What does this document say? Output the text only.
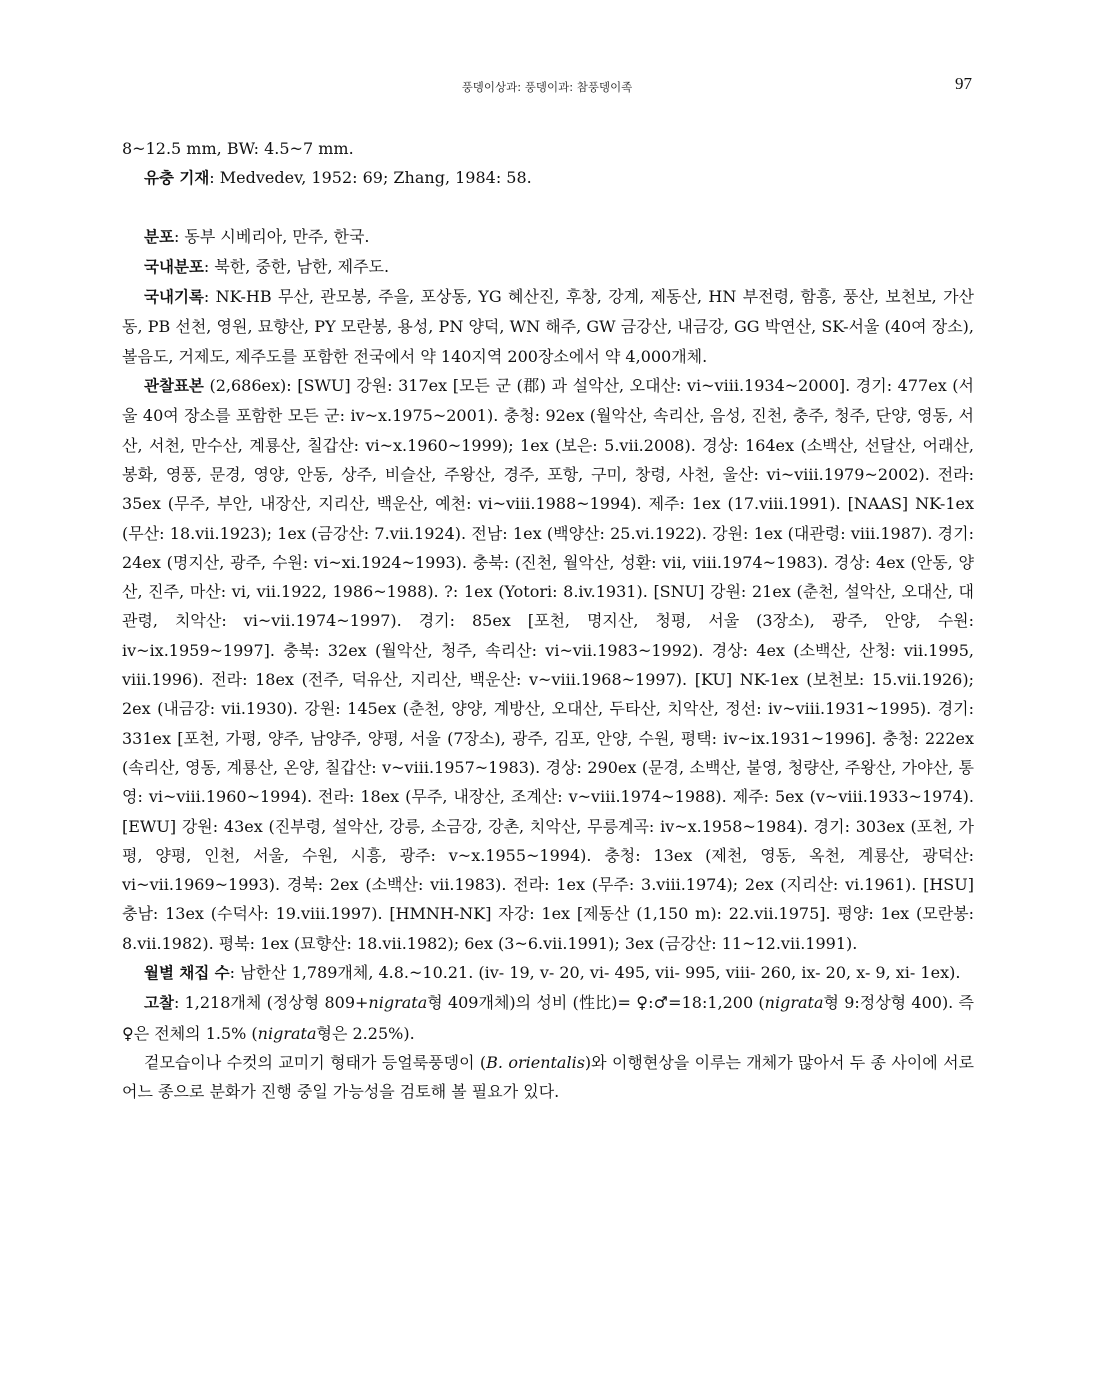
풍뎅이상과: 풍뎅이과: 참풍뎅이족	97

8~12.5 mm, BW: 4.5~7 mm.

유충 기재: Medvedev, 1952: 69; Zhang, 1984: 58.

분포: 동부 시베리아, 만주, 한국.

국내분포: 북한, 중한, 남한, 제주도.

국내기록: NK-HB 무산, 관모봉, 주을, 포상동, YG 혜산진, 후창, 강계, 제동산, HN 부전령, 함흥, 풍산, 보천보, 가산동, PB 선천, 영원, 묘향산, PY 모란봉, 용성, PN 양덕, WN 해주, GW 금강산, 내금강, GG 박연산, SK-서울 (40여 장소), 볼음도, 거제도, 제주도를 포함한 전국에서 약 140지역 200장소에서 약 4,000개체.

관찰표본 (2,686ex): [SWU] 강원: 317ex [모든 군 (郡) 과 설악산, 오대산: vi~viii.1934~2000]. 경기: 477ex (서울 40여 장소를 포함한 모든 군: iv~x.1975~2001). 충청: 92ex (월악산, 속리산, 음성, 진천, 충주, 청주, 단양, 영동, 서산, 서천, 만수산, 계룡산, 칠갑산: vi~x.1960~1999); 1ex (보은: 5.vii.2008). 경상: 164ex (소백산, 선달산, 어래산, 봉화, 영풍, 문경, 영양, 안동, 상주, 비슬산, 주왕산, 경주, 포항, 구미, 창령, 사천, 울산: vi~viii.1979~2002). 전라: 35ex (무주, 부안, 내장산, 지리산, 백운산, 예천: vi~viii.1988~1994). 제주: 1ex (17.viii.1991). [NAAS] NK-1ex (무산: 18.vii.1923); 1ex (금강산: 7.vii.1924). 전남: 1ex (백양산: 25.vi.1922). 강원: 1ex (대관령: viii.1987). 경기: 24ex (명지산, 광주, 수원: vi~xi.1924~1993). 충북: (진천, 월악산, 성환: vii, viii.1974~1983). 경상: 4ex (안동, 양산, 진주, 마산: vi, vii.1922, 1986~1988). ?: 1ex (Yotori: 8.iv.1931). [SNU] 강원: 21ex (춘천, 설악산, 오대산, 대관령, 치악산: vi~vii.1974~1997). 경기: 85ex [포천, 명지산, 청평, 서울 (3장소), 광주, 안양, 수원: iv~ix.1959~1997]. 충북: 32ex (월악산, 청주, 속리산: vi~vii.1983~1992). 경상: 4ex (소백산, 산청: vii.1995, viii.1996). 전라: 18ex (전주, 덕유산, 지리산, 백운산: v~viii.1968~1997). [KU] NK-1ex (보천보: 15.vii.1926); 2ex (내금강: vii.1930). 강원: 145ex (춘천, 양양, 계방산, 오대산, 두타산, 치악산, 정선: iv~viii.1931~1995). 경기: 331ex [포천, 가평, 양주, 남양주, 양평, 서울 (7장소), 광주, 김포, 안양, 수원, 평택: iv~ix.1931~1996]. 충청: 222ex (속리산, 영동, 계룡산, 온양, 칠갑산: v~viii.1957~1983). 경상: 290ex (문경, 소백산, 불영, 청량산, 주왕산, 가야산, 통영: vi~viii.1960~1994). 전라: 18ex (무주, 내장산, 조계산: v~viii.1974~1988). 제주: 5ex (v~viii.1933~1974). [EWU] 강원: 43ex (진부령, 설악산, 강릉, 소금강, 강촌, 치악산, 무릉계곡: iv~x.1958~1984). 경기: 303ex (포천, 가평, 양평, 인천, 서울, 수원, 시흥, 광주: v~x.1955~1994). 충청: 13ex (제천, 영동, 옥천, 계룡산, 광덕산: vi~vii.1969~1993). 경북: 2ex (소백산: vii.1983). 전라: 1ex (무주: 3.viii.1974); 2ex (지리산: vi.1961). [HSU] 충남: 13ex (수덕사: 19.viii.1997). [HMNH-NK] 자강: 1ex [제동산 (1,150 m): 22.vii.1975]. 평양: 1ex (모란봉: 8.vii.1982). 평북: 1ex (묘향산: 18.vii.1982); 6ex (3~6.vii.1991); 3ex (금강산: 11~12.vii.1991).

월별 채집 수: 남한산 1,789개체, 4.8.~10.21. (iv- 19, v- 20, vi- 495, vii- 995, viii- 260, ix- 20, x- 9, xi- 1ex).

고찰: 1,218개체 (정상형 809+nigrata형 409개체)의 성비 (性比)= ♀:♂=18:1,200 (nigrata형 9:정상형 400). 즉 ♀은 전체의 1.5% (nigrata형은 2.25%).

겉모습이나 수컷의 교미기 형태가 등얼룩풍뎅이 (B. orientalis)와 이행현상을 이루는 개체가 많아서 두 종 사이에 서로 어느 종으로 분화가 진행 중일 가능성을 검토해 볼 필요가 있다.
